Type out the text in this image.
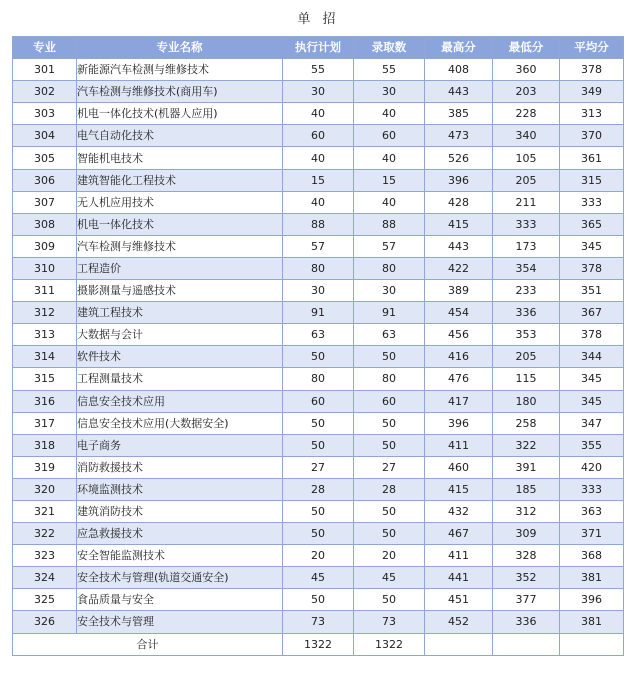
单 招
专业	专业名称	执行计划	录取数	最高分	最低分	平均分
301	新能源汽车检测与维修技术	55	55	408	360	378
302	汽车检测与维修技术(商用车)	30	30	443	203	349
303	机电一体化技术(机器人应用)	40	40	385	228	313
304	电气自动化技术	60	60	473	340	370
305	智能机电技术	40	40	526	105	361
306	建筑智能化工程技术	15	15	396	205	315
307	无人机应用技术	40	40	428	211	333
308	机电一体化技术	88	88	415	333	365
309	汽车检测与维修技术	57	57	443	173	345
310	工程造价	80	80	422	354	378
311	摄影测量与遥感技术	30	30	389	233	351
312	建筑工程技术	91	91	454	336	367
313	大数据与会计	63	63	456	353	378
314	软件技术	50	50	416	205	344
315	工程测量技术	80	80	476	115	345
316	信息安全技术应用	60	60	417	180	345
317	信息安全技术应用(大数据安全)	50	50	396	258	347
318	电子商务	50	50	411	322	355
319	消防救援技术	27	27	460	391	420
320	环境监测技术	28	28	415	185	333
321	建筑消防技术	50	50	432	312	363
322	应急救援技术	50	50	467	309	371
323	安全智能监测技术	20	20	411	328	368
324	安全技术与管理(轨道交通安全)	45	45	441	352	381
325	食品质量与安全	50	50	451	377	396
326	安全技术与管理	73	73	452	336	381
合计		1322	1322			
